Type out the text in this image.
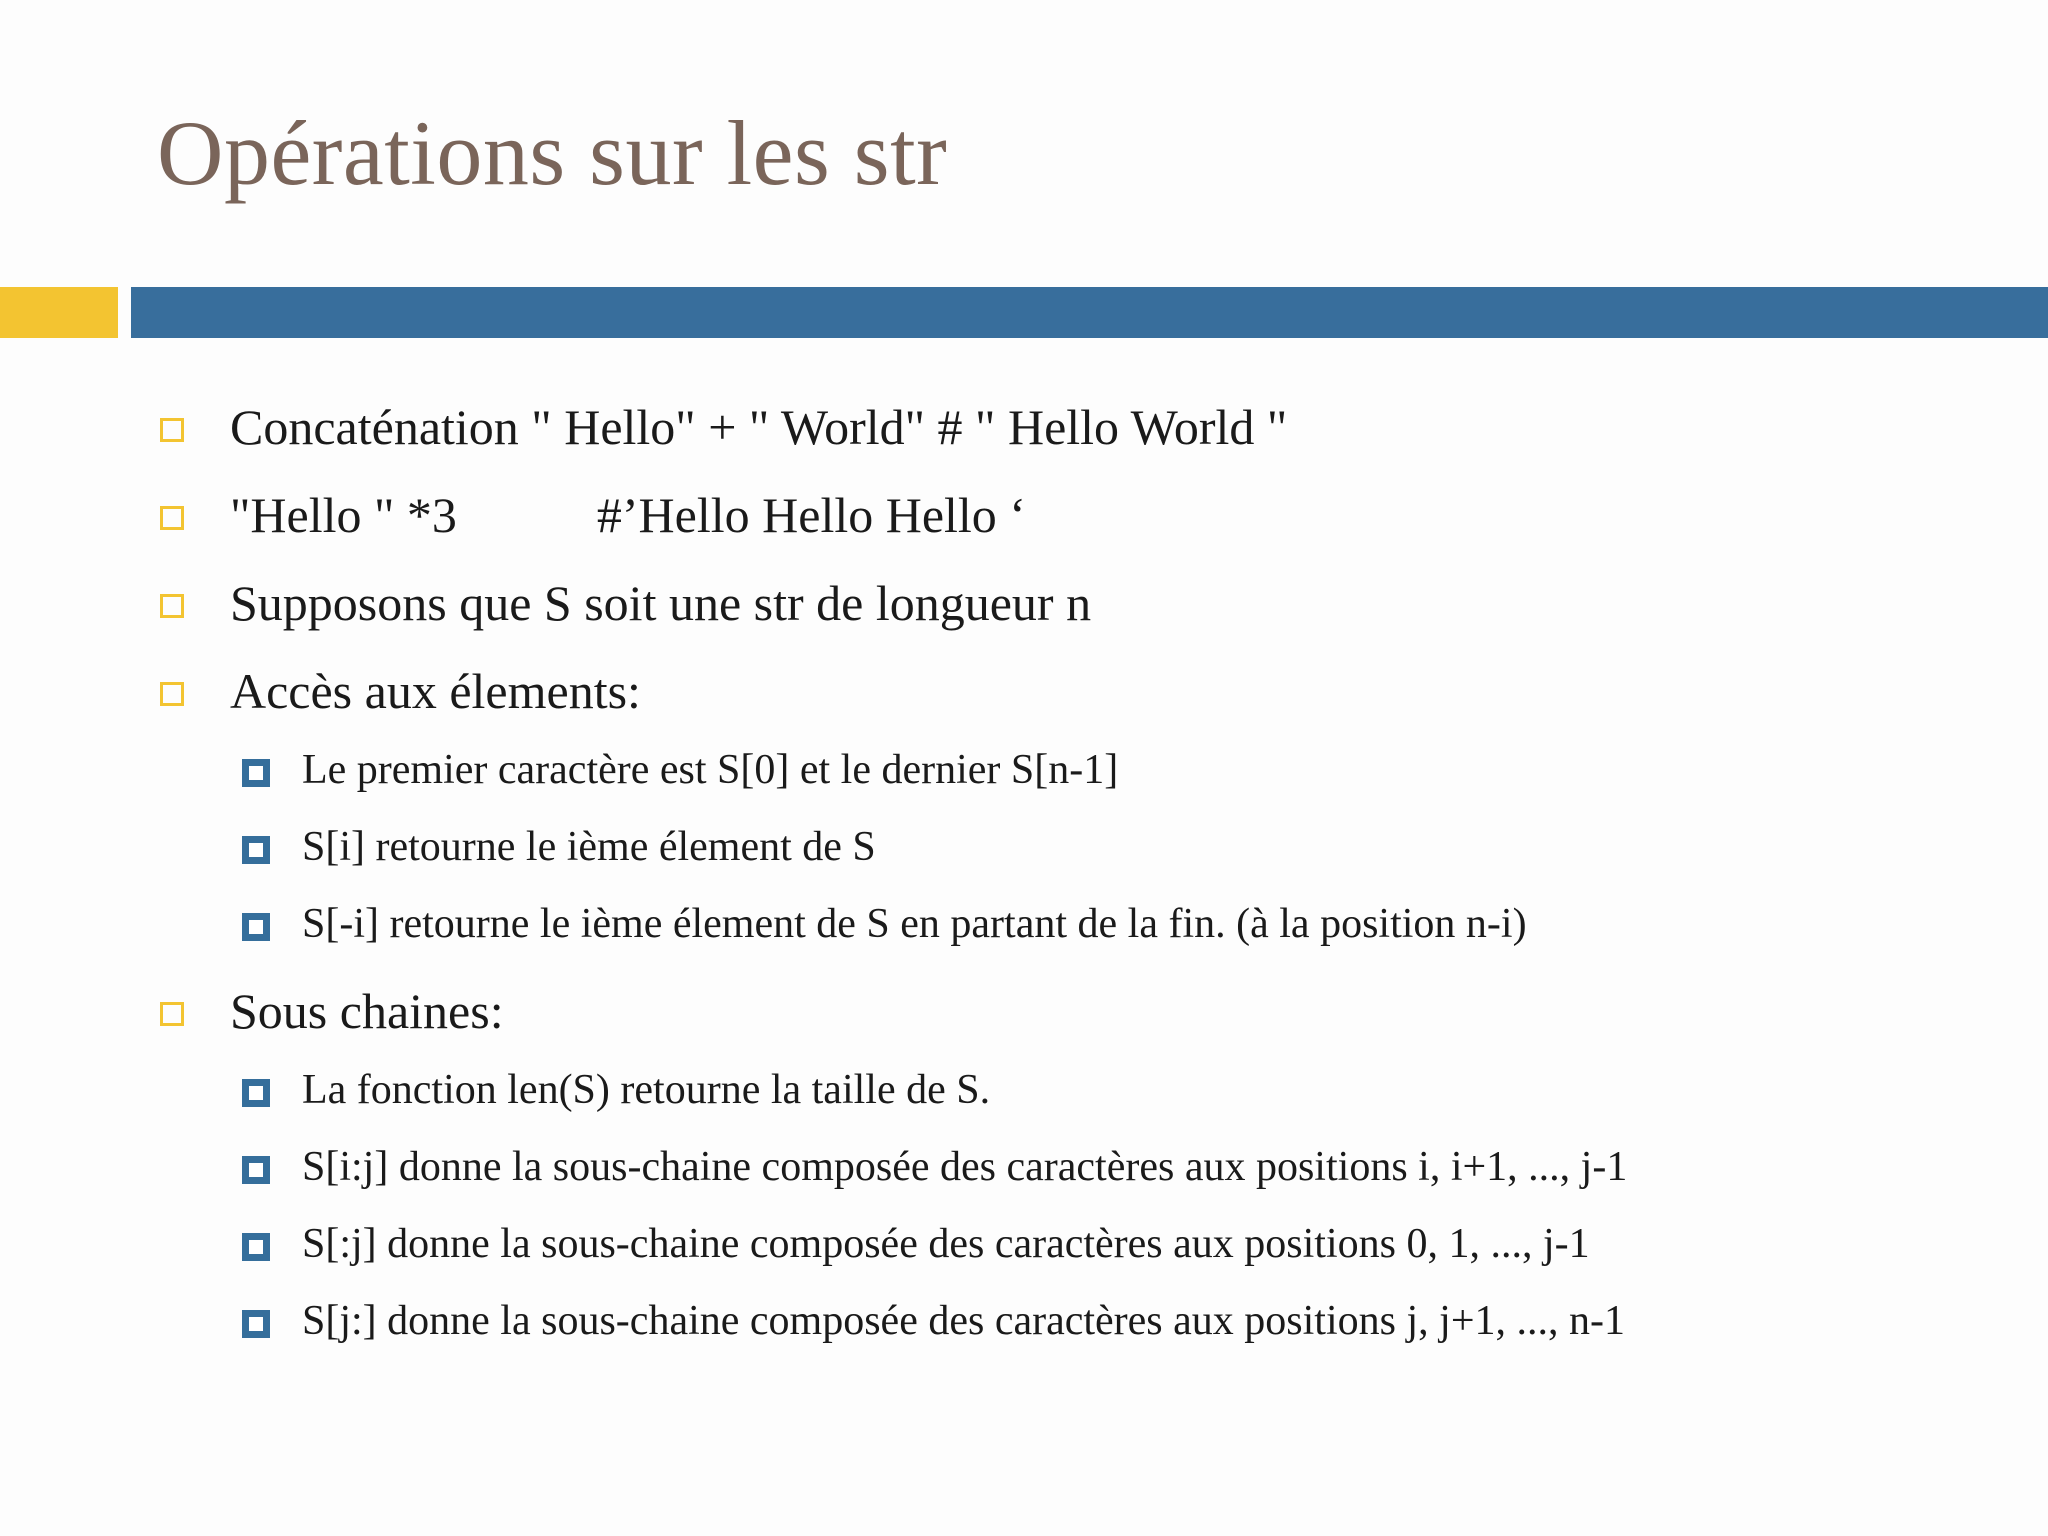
Opérations sur les str
Concaténation " Hello" + " World" # " Hello World "
"Hello " *3	#’Hello Hello Hello ‘
Supposons que S soit une str de longueur n
Accès aux élements:
Le premier caractère est S[0] et le dernier S[n-1]
S[i] retourne le ième élement de S
S[-i] retourne le ième élement de S en partant de la fin. (à la position n-i)
Sous chaines:
La fonction len(S) retourne la taille de S.
S[i:j] donne la sous-chaine composée des caractères aux positions i, i+1, ..., j-1
S[:j] donne la sous-chaine composée des caractères aux positions 0, 1, ..., j-1
S[j:] donne la sous-chaine composée des caractères aux positions j, j+1, ..., n-1
